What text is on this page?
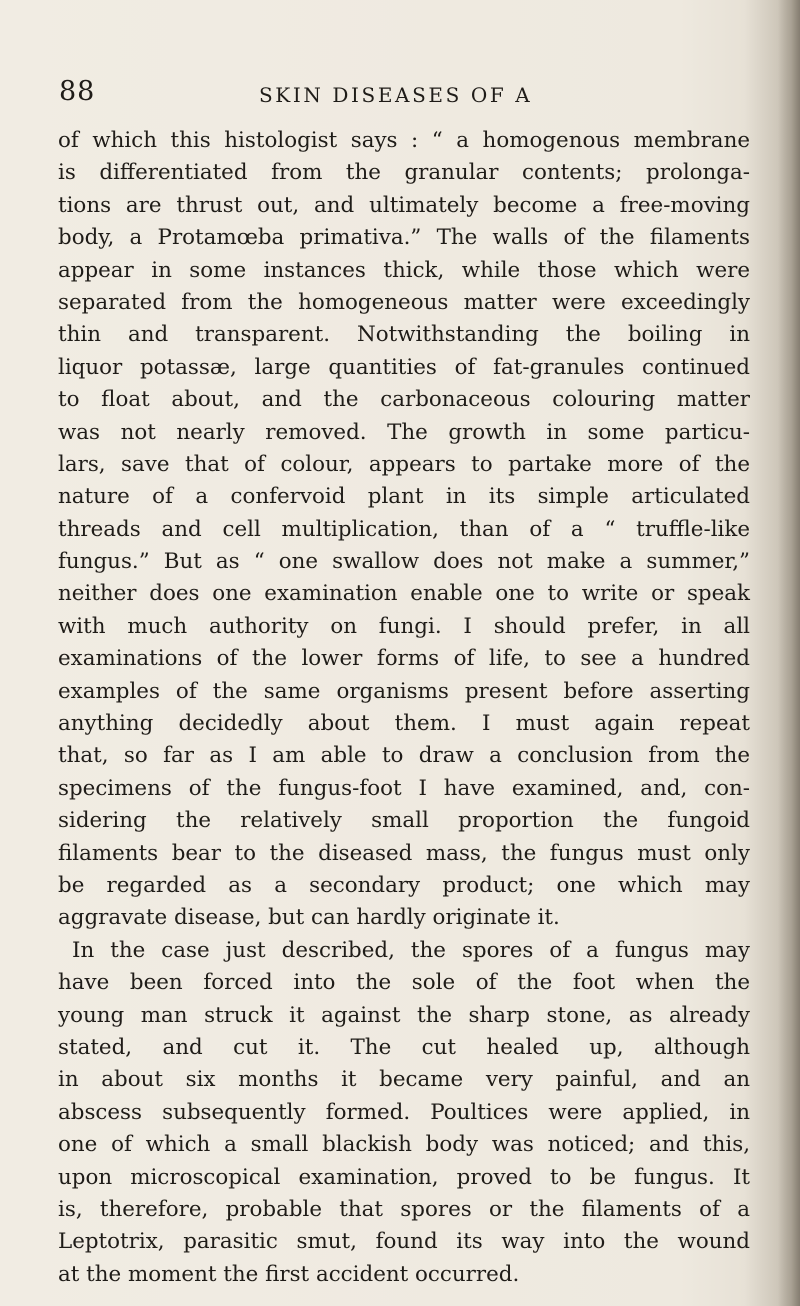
88	SKIN DISEASES OF A
of which this histologist says : “ a homogenous membrane
is differentiated from the granular contents; prolonga-
tions are thrust out, and ultimately become a free-moving
body, a Protamœba primativa.” The walls of the filaments
appear in some instances thick, while those which were
separated from the homogeneous matter were exceedingly
thin and transparent. Notwithstanding the boiling in
liquor potassæ, large quantities of fat-granules continued
to float about, and the carbonaceous colouring matter
was not nearly removed. The growth in some particu-
lars, save that of colour, appears to partake more of the
nature of a confervoid plant in its simple articulated
threads and cell multiplication, than of a “ truffle-like
fungus.” But as “ one swallow does not make a summer,”
neither does one examination enable one to write or speak
with much authority on fungi. I should prefer, in all
examinations of the lower forms of life, to see a hundred
examples of the same organisms present before asserting
anything decidedly about them. I must again repeat
that, so far as I am able to draw a conclusion from the
specimens of the fungus-foot I have examined, and, con-
sidering the relatively small proportion the fungoid
filaments bear to the diseased mass, the fungus must only
be regarded as a secondary product; one which may
aggravate disease, but can hardly originate it.
In the case just described, the spores of a fungus may
have been forced into the sole of the foot when the
young man struck it against the sharp stone, as already
stated, and cut it. The cut healed up, although
in about six months it became very painful, and an
abscess subsequently formed. Poultices were applied, in
one of which a small blackish body was noticed; and this,
upon microscopical examination, proved to be fungus. It
is, therefore, probable that spores or the filaments of a
Leptotrix, parasitic smut, found its way into the wound
at the moment the first accident occurred.
